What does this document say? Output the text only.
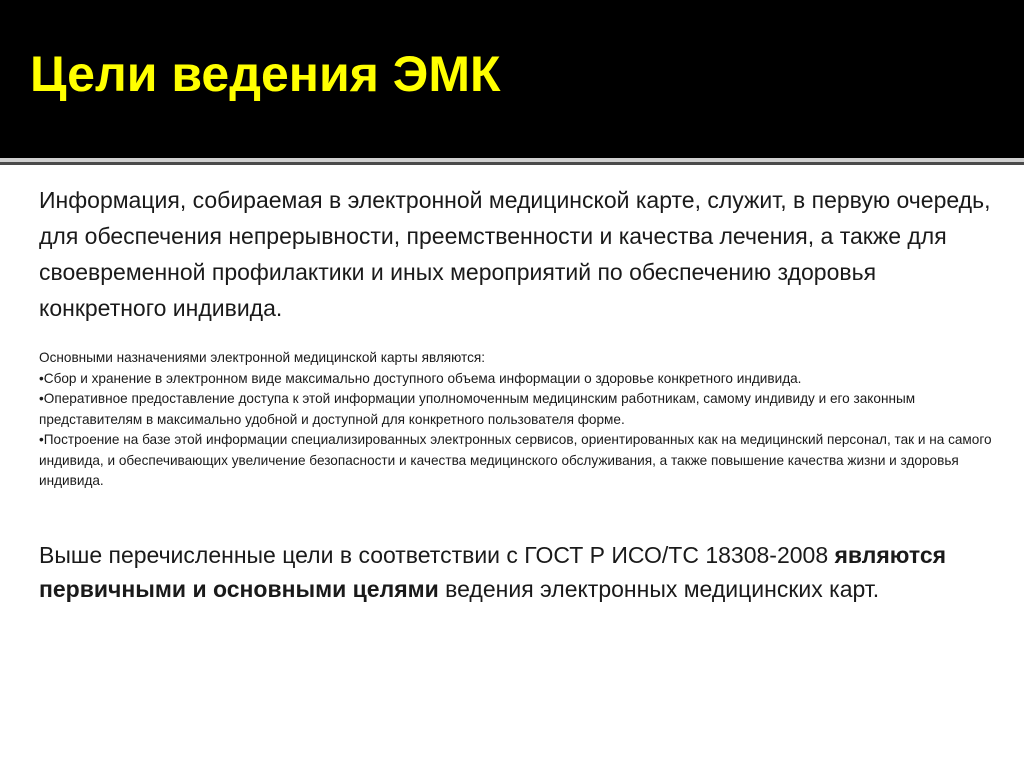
Цели ведения ЭМК

Информация, собираемая в электронной медицинской карте, служит, в первую очередь, для обеспечения непрерывности, преемственности и качества лечения, а также для своевременной профилактики и иных мероприятий по обеспечению здоровья конкретного индивида.

Основными назначениями электронной медицинской карты являются:

•Сбор и хранение в электронном виде максимально доступного объема информации о здоровье конкретного индивида.

•Оперативное предоставление доступа к этой информации уполномоченным медицинским работникам, самому индивиду и его законным представителям в максимально удобной и доступной для конкретного пользователя форме.

•Построение на базе этой информации специализированных электронных сервисов, ориентированных как на медицинский персонал, так и на самого индивида, и обеспечивающих увеличение безопасности и качества медицинского обслуживания, а также повышение качества жизни и здоровья индивида.

Выше перечисленные цели в соответствии с ГОСТ Р ИСО/ТС 18308-2008 являются первичными и основными целями ведения электронных медицинских карт.
